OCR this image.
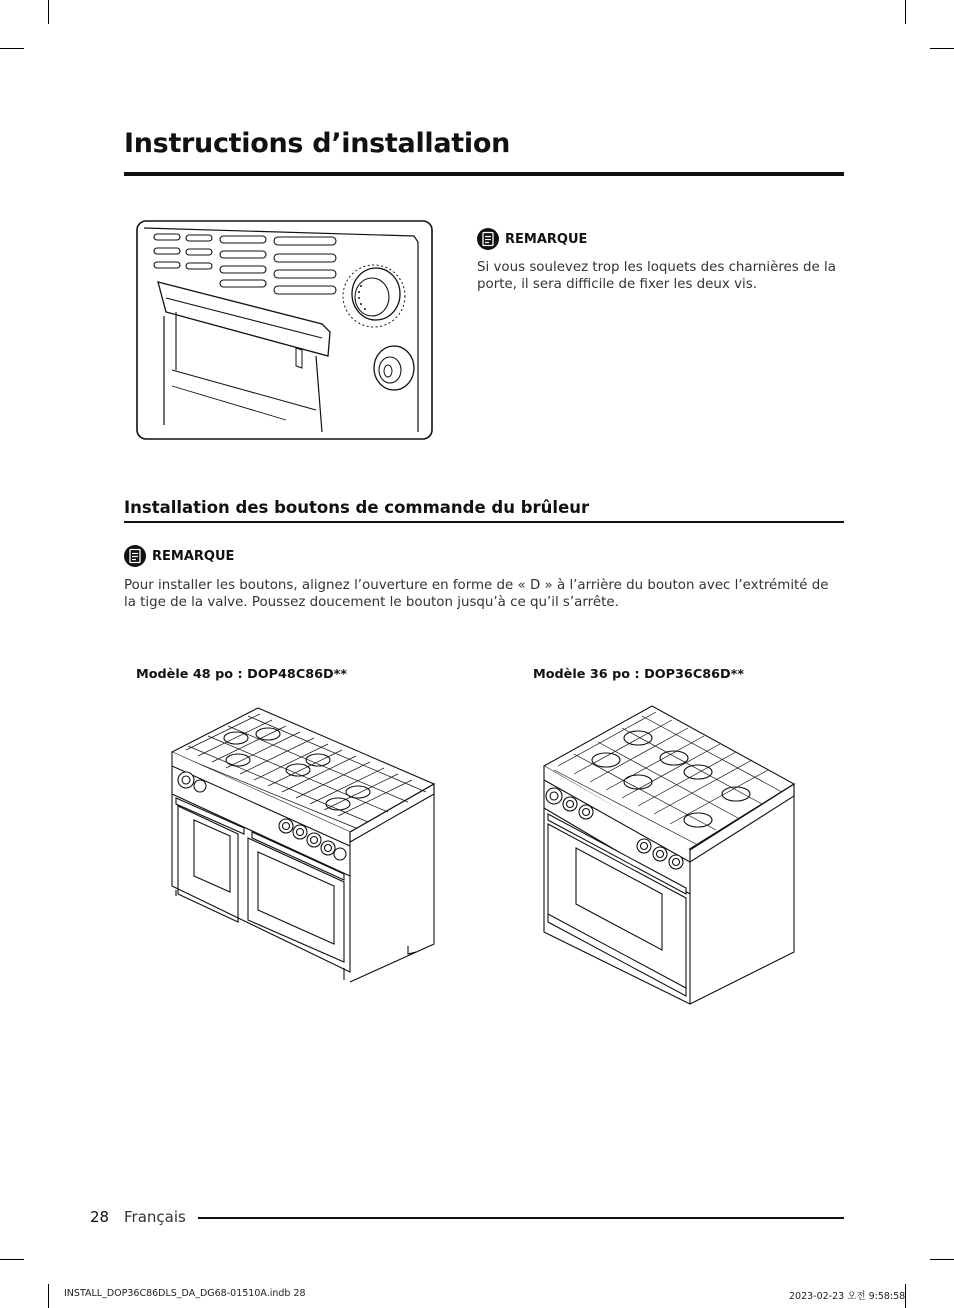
Instructions d’installation
REMARQUE
Si vous soulevez trop les loquets des charnières de la porte, il sera difficile de fixer les deux vis.
Installation des boutons de commande du brûleur
REMARQUE
Pour installer les boutons, alignez l’ouverture en forme de « D » à l’arrière du bouton avec l’extrémité de la tige de la valve. Poussez doucement le bouton jusqu’à ce qu’il s’arrête.
Modèle 48 po : DOP48C86D**	Modèle 36 po : DOP36C86D**
28 Français
INSTALL_DOP36C86DLS_DA_DG68-01510A.indb 28	2023-02-23 오전 9:58:58
